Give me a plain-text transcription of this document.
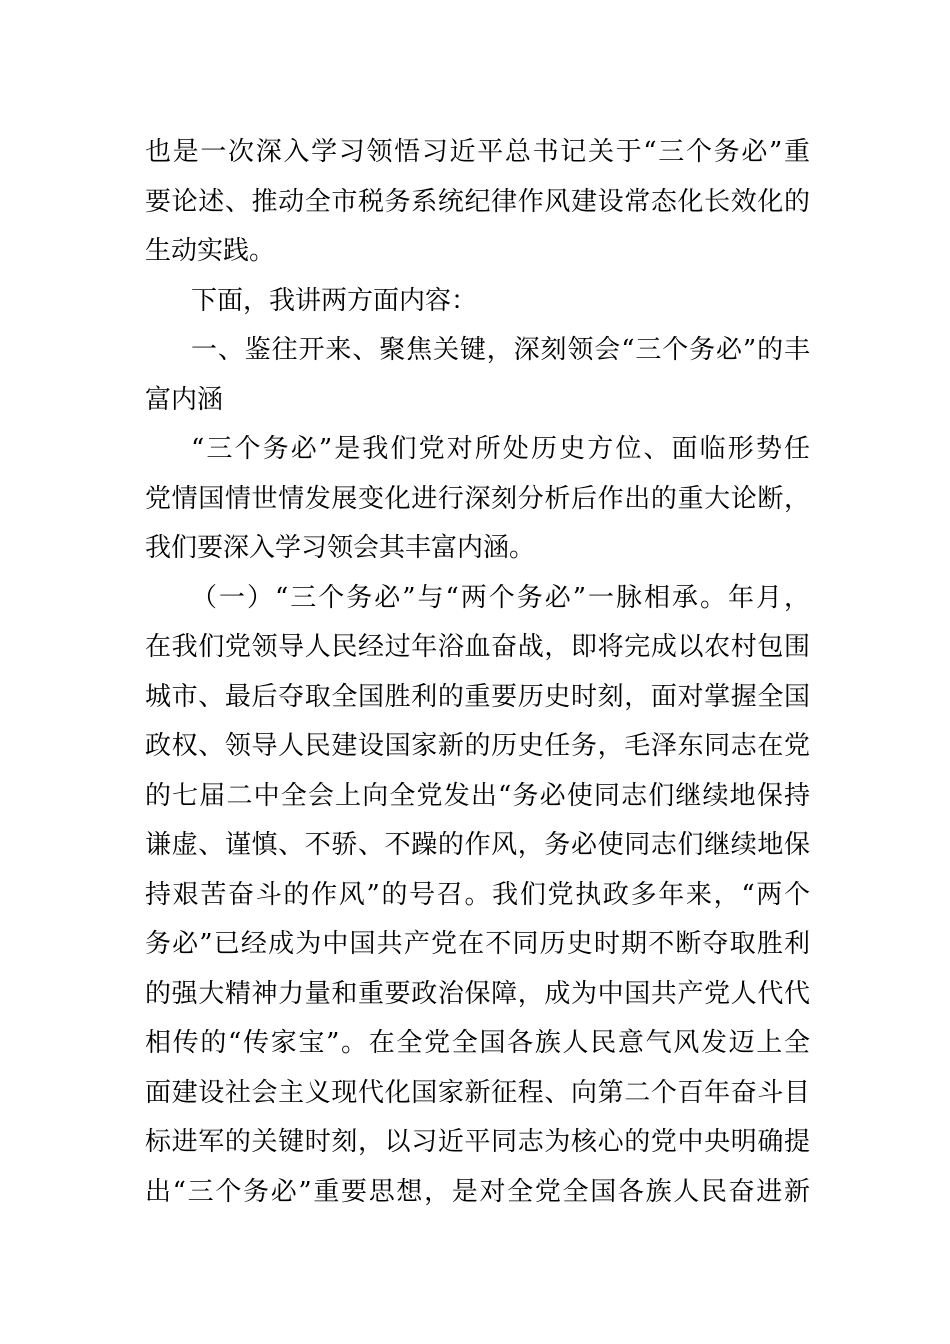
也是一次深入学习领悟习近平总书记关于“三个务必”重
要论述、推动全市税务系统纪律作风建设常态化长效化的
生动实践。
下面，我讲两方面内容：
一、鉴往开来、聚焦关键，深刻领会“三个务必”的丰
富内涵
“三个务必”是我们党对所处历史方位、面临形势任
党情国情世情发展变化进行深刻分析后作出的重大论断，
我们要深入学习领会其丰富内涵。
（一）“三个务必”与“两个务必”一脉相承。年月，
在我们党领导人民经过年浴血奋战，即将完成以农村包围
城市、最后夺取全国胜利的重要历史时刻，面对掌握全国
政权、领导人民建设国家新的历史任务，毛泽东同志在党
的七届二中全会上向全党发出“务必使同志们继续地保持
谦虚、谨慎、不骄、不躁的作风，务必使同志们继续地保
持艰苦奋斗的作风”的号召。我们党执政多年来，“两个
务必”已经成为中国共产党在不同历史时期不断夺取胜利
的强大精神力量和重要政治保障，成为中国共产党人代代
相传的“传家宝”。在全党全国各族人民意气风发迈上全
面建设社会主义现代化国家新征程、向第二个百年奋斗目
标进军的关键时刻，以习近平同志为核心的党中央明确提
出“三个务必”重要思想，是对全党全国各族人民奋进新
